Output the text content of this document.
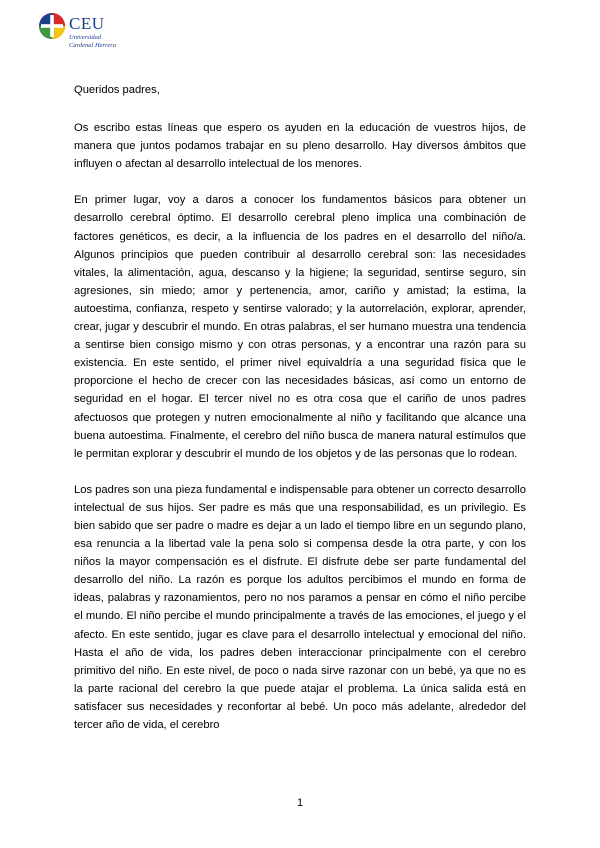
CEU
Universidad
Cardenal Herrera

Queridos padres,

Os escribo estas líneas que espero os ayuden en la educación de vuestros hijos, de manera que juntos podamos trabajar en su pleno desarrollo. Hay diversos ámbitos que influyen o afectan al desarrollo intelectual de los menores.

En primer lugar, voy a daros a conocer los fundamentos básicos para obtener un desarrollo cerebral óptimo. El desarrollo cerebral pleno implica una combinación de factores genéticos, es decir, a la influencia de los padres en el desarrollo del niño/a. Algunos principios que pueden contribuir al desarrollo cerebral son: las necesidades vitales, la alimentación, agua, descanso y la higiene; la seguridad, sentirse seguro, sin agresiones, sin miedo; amor y pertenencia, amor, cariño y amistad; la estima, la autoestima, confianza, respeto y sentirse valorado; y la autorrelación, explorar, aprender, crear, jugar y descubrir el mundo. En otras palabras, el ser humano muestra una tendencia a sentirse bien consigo mismo y con otras personas, y a encontrar una razón para su existencia. En este sentido, el primer nivel equivaldría a una seguridad física que le proporcione el hecho de crecer con las necesidades básicas, así como un entorno de seguridad en el hogar. El tercer nivel no es otra cosa que el cariño de unos padres afectuosos que protegen y nutren emocionalmente al niño y facilitando que alcance una buena autoestima. Finalmente, el cerebro del niño busca de manera natural estímulos que le permitan explorar y descubrir el mundo de los objetos y de las personas que lo rodean.

Los padres son una pieza fundamental e indispensable para obtener un correcto desarrollo intelectual de sus hijos. Ser padre es más que una responsabilidad, es un privilegio. Es bien sabido que ser padre o madre es dejar a un lado el tiempo libre en un segundo plano, esa renuncia a la libertad vale la pena solo si compensa desde la otra parte, y con los niños la mayor compensación es el disfrute. El disfrute debe ser parte fundamental del desarrollo del niño. La razón es porque los adultos percibimos el mundo en forma de ideas, palabras y razonamientos, pero no nos paramos a pensar en cómo el niño percibe el mundo. El niño percibe el mundo principalmente a través de las emociones, el juego y el afecto. En este sentido, jugar es clave para el desarrollo intelectual y emocional del niño. Hasta el año de vida, los padres deben interaccionar principalmente con el cerebro primitivo del niño. En este nivel, de poco o nada sirve razonar con un bebé, ya que no es la parte racional del cerebro la que puede atajar el problema. La única salida está en satisfacer sus necesidades y reconfortar al bebé. Un poco más adelante, alrededor del tercer año de vida, el cerebro

1
